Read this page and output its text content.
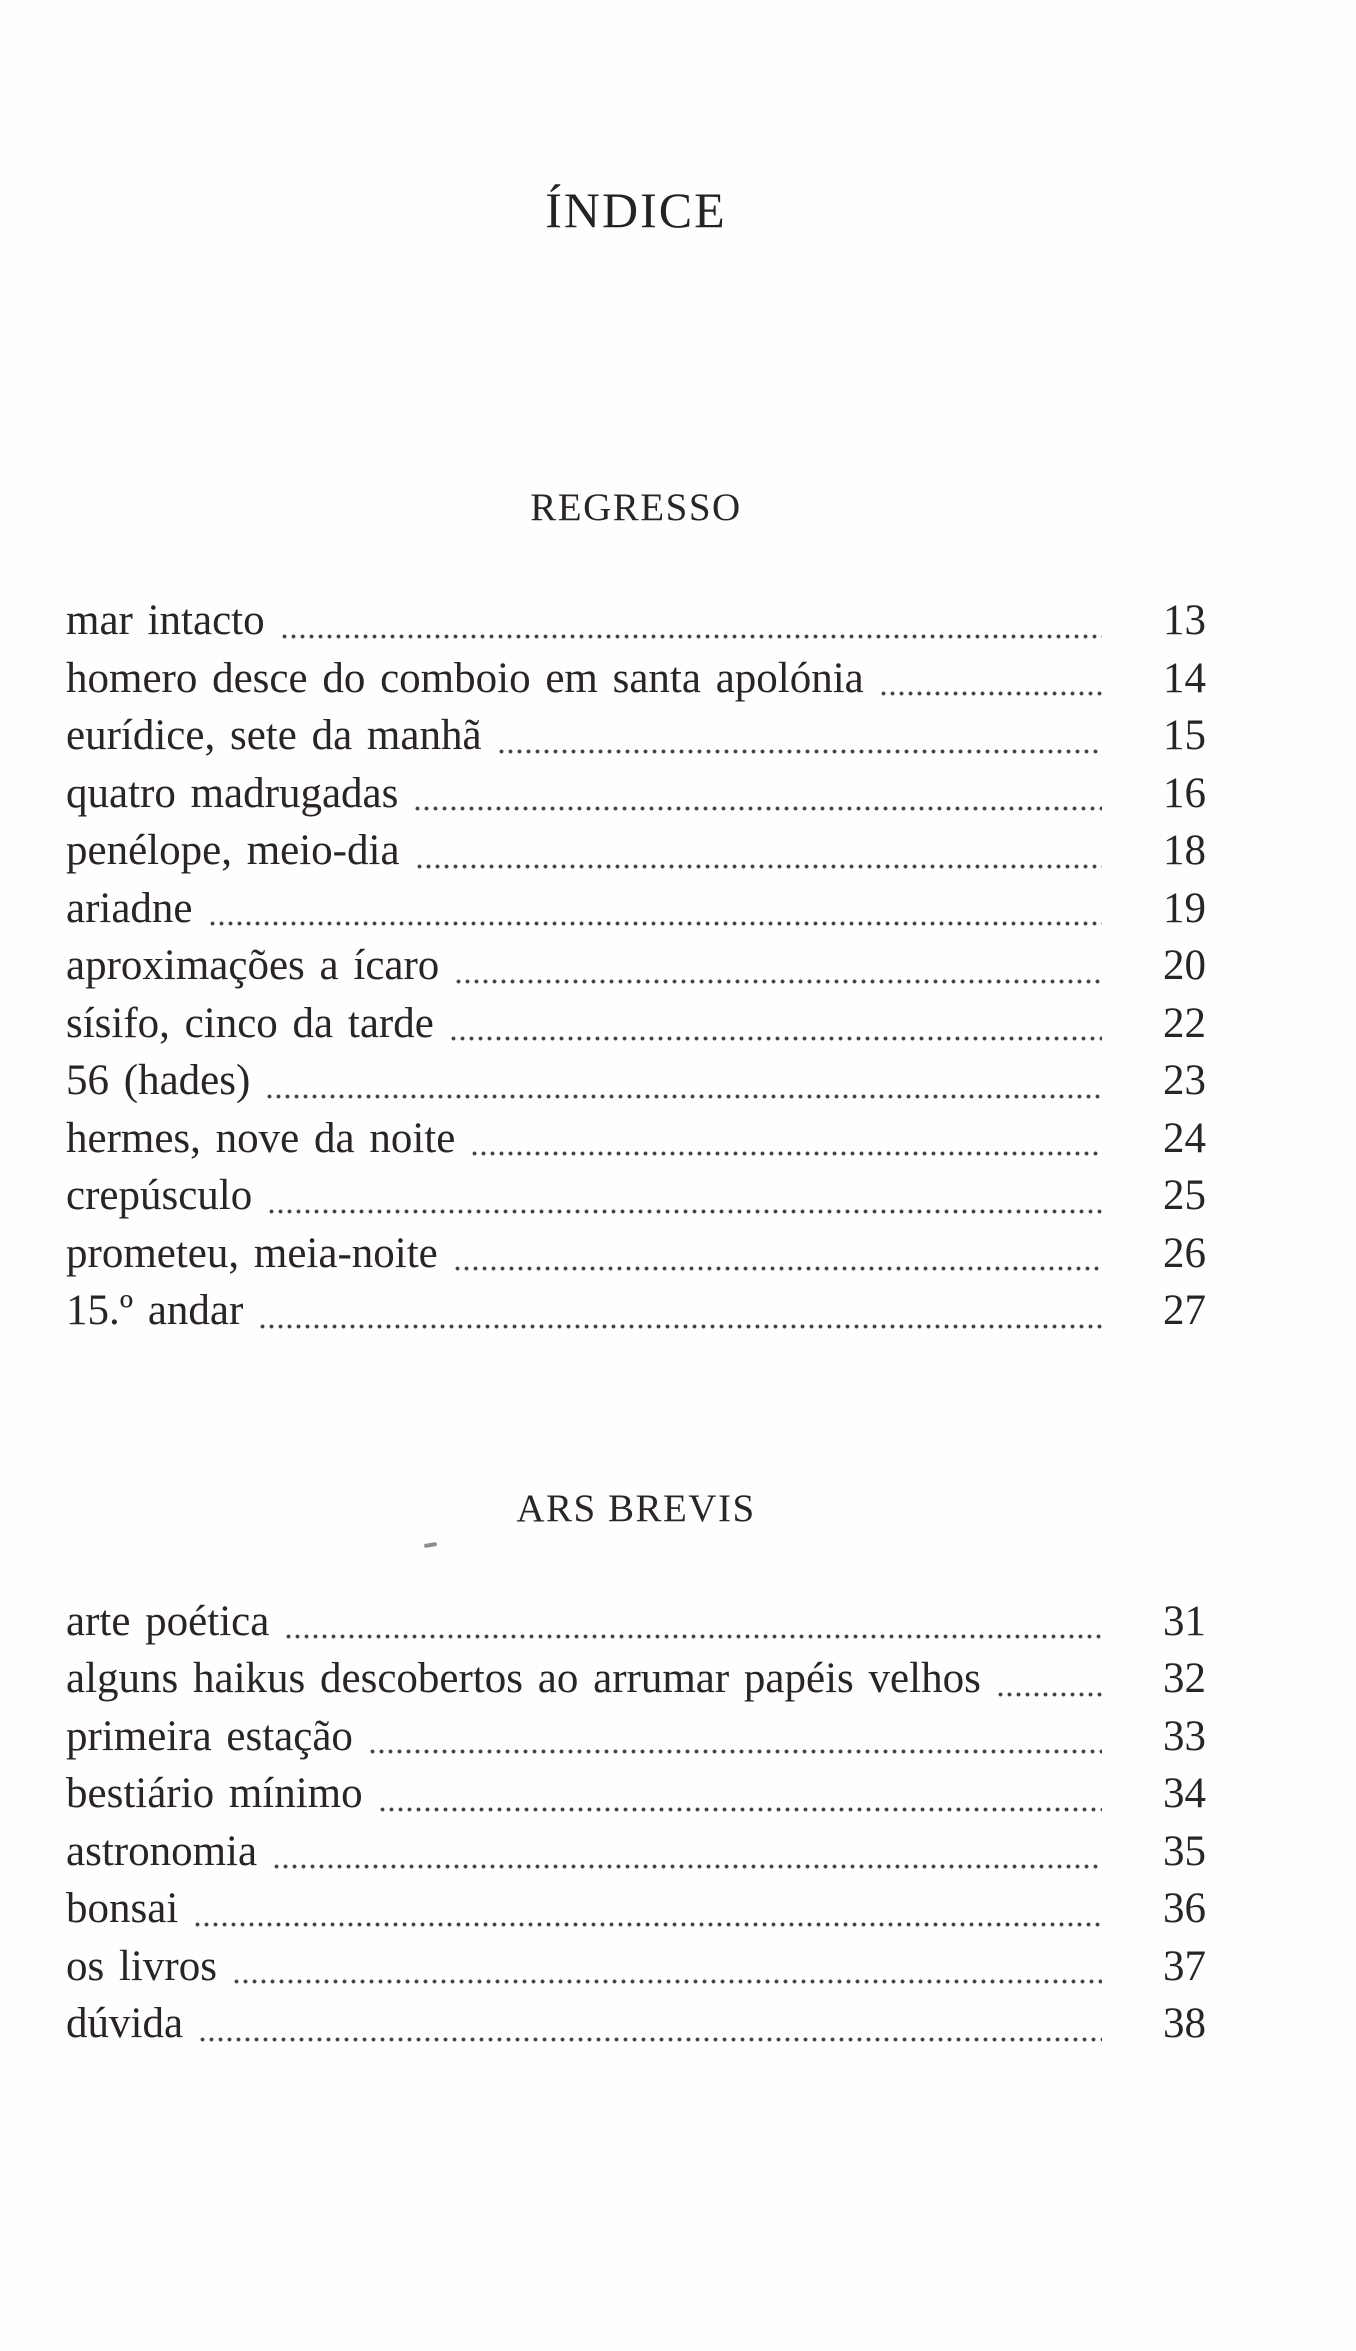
ÍNDICE
REGRESSO
mar intacto	13
homero desce do comboio em santa apolónia	14
eurídice, sete da manhã	15
quatro madrugadas	16
penélope, meio-dia	18
ariadne	19
aproximações a ícaro	20
sísifo, cinco da tarde	22
56 (hades)	23
hermes, nove da noite	24
crepúsculo	25
prometeu, meia-noite	26
15.º andar	27
ARS BREVIS
arte poética	31
alguns haikus descobertos ao arrumar papéis velhos	32
primeira estação	33
bestiário mínimo	34
astronomia	35
bonsai	36
os livros	37
dúvida	38
